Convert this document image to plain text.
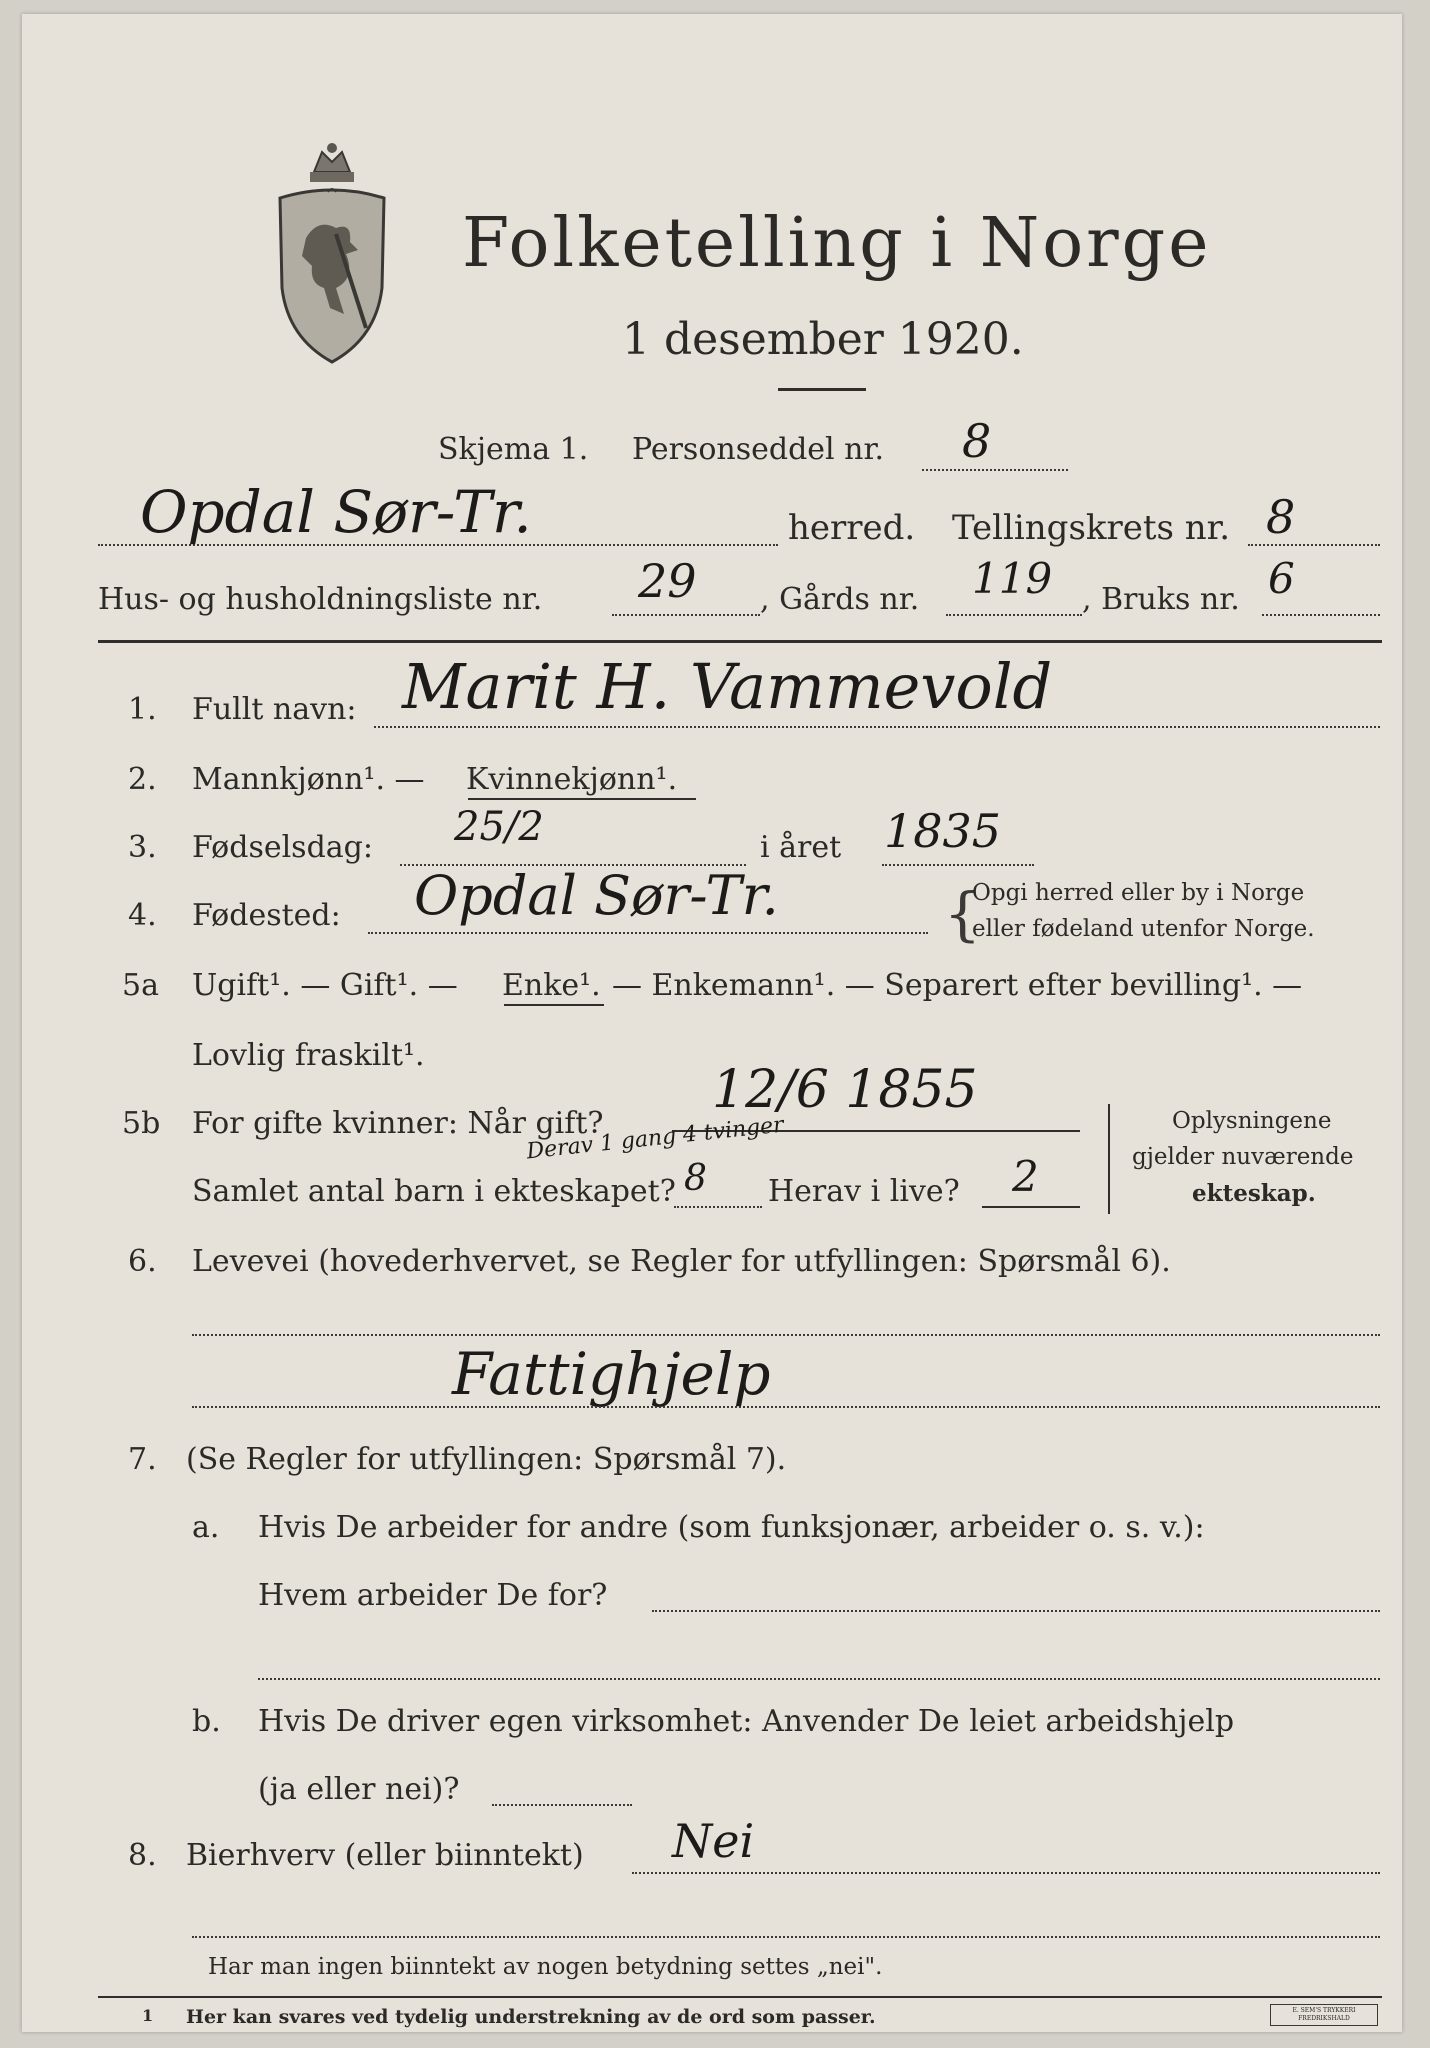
Folketelling i Norge
1 desember 1920.
Skjema 1. Personseddel nr. 8
Opdal Sør-Tr.	herred. Tellingskrets nr. 8
Hus- og husholdningsliste nr. 29 , Gårds nr. 119 , Bruks nr. 6
1. Fullt navn: Marit H. Vammevold
2. Mannkjønn¹. — Kvinnekjønn¹.
3. Fødselsdag: 25/2	i året 1835
4. Fødested: Opdal Sør-Tr.	{
Opgi herred eller by i Norge
eller fødeland utenfor Norge.
5a Ugift¹. — Gift¹. — Enke¹. — Enkemann¹. — Separert efter bevilling¹. —
Lovlig fraskilt¹.
5b For gifte kvinner: Når gift?
12/6 1855
Derav 1 gang 4 tvinger
Samlet antal barn i ekteskapet? 8 Herav i live? 2
Oplysningene
gjelder nuværende
ekteskap.
6. Levevei (hovederhvervet, se Regler for utfyllingen: Spørsmål 6).
Fattighjelp
7. (Se Regler for utfyllingen: Spørsmål 7).
a. Hvis De arbeider for andre (som funksjonær, arbeider o. s. v.):
Hvem arbeider De for?
b. Hvis De driver egen virksomhet: Anvender De leiet arbeidshjelp
(ja eller nei)?
8. Bierhverv (eller biinntekt) Nei
Har man ingen biinntekt av nogen betydning settes „nei".
1 Her kan svares ved tydelig understrekning av de ord som passer.	E. SEM'S TRYKKERI FREDRIKSHALD
